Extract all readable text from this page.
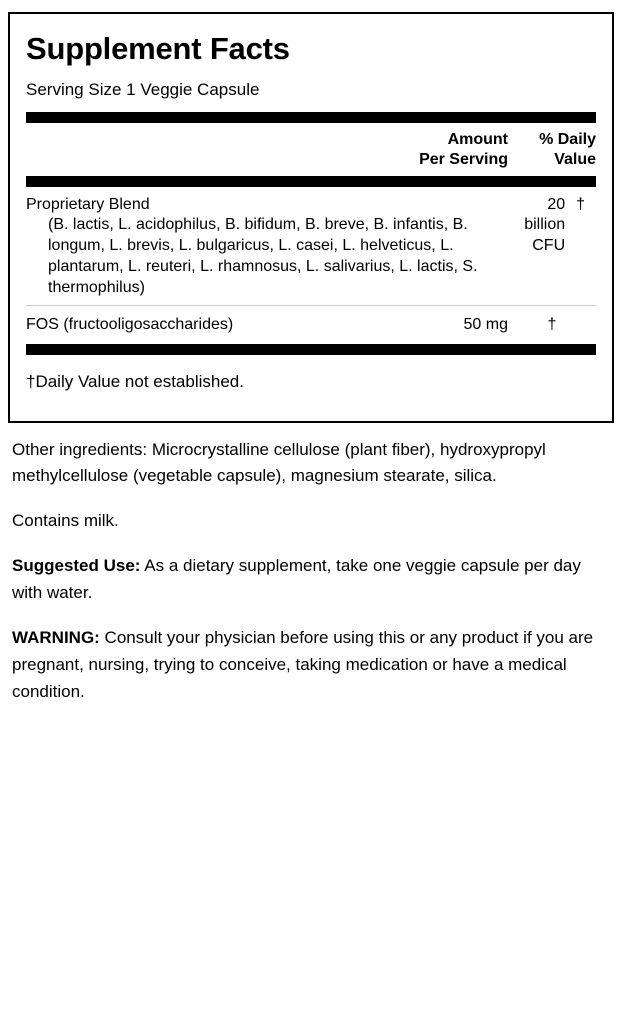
Supplement Facts
Serving Size 1 Veggie Capsule
Amount
Per Serving
% Daily
Value
Proprietary Blend
(B. lactis, L. acidophilus, B. bifidum, B. breve, B. infantis, B. longum, L. brevis, L. bulgaricus, L. casei, L. helveticus, L. plantarum, L. reuteri, L. rhamnosus, L. salivarius, L. lactis, S. thermophilus)
20 billion
CFU
†
FOS (fructooligosaccharides)	50 mg	†
†Daily Value not established.

Other ingredients: Microcrystalline cellulose (plant fiber), hydroxypropyl methylcellulose (vegetable capsule), magnesium stearate, silica.

Contains milk.

Suggested Use: As a dietary supplement, take one veggie capsule per day with water.

WARNING: Consult your physician before using this or any product if you are pregnant, nursing, trying to conceive, taking medication or have a medical condition.
